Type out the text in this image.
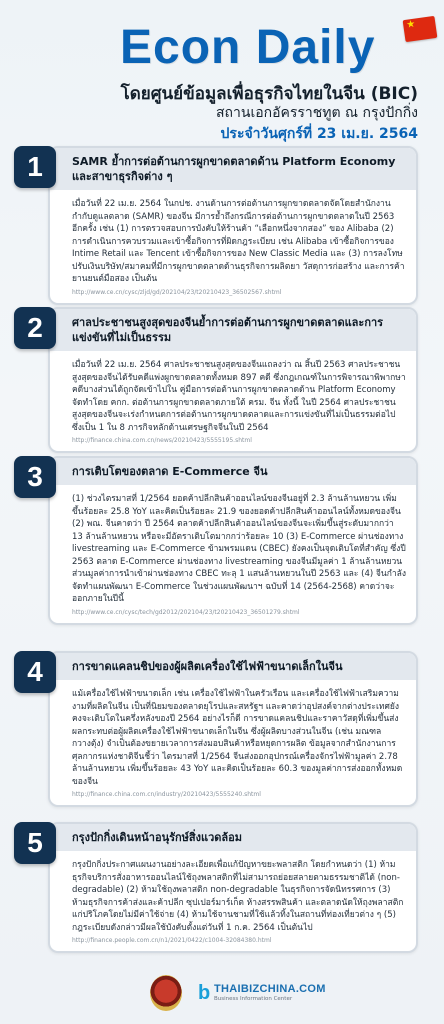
★
Econ Daily
โดยศูนย์ข้อมูลเพื่อธุรกิจไทยในจีน (BIC)
สถานเอกอัครราชทูต ณ กรุงปักกิ่ง
ประจำวันศุกร์ที่ 23 เม.ย. 2564
SAMR ย้ำการต่อต้านการผูกขาดตลาดด้าน Platform Economy และสาขาธุรกิจต่าง ๆ
เมื่อวันที่ 22 เม.ย. 2564 ในกปช. งานด้านการต่อต้านการผูกขาดตลาดจัดโดยสำนักงานกำกับดูแลตลาด (SAMR) ของจีน มีการย้ำถึงกรณีการต่อต้านการผูกขาดตลาดในปี 2563 อีกครั้ง เช่น (1) การตรวจสอบการบังคับให้ร้านค้า “เลือกหนึ่งจากสอง” ของ Alibaba (2) การดำเนินการควบรวมและเข้าซื้อกิจการที่ผิดกฎระเบียบ เช่น Alibaba เข้าซื้อกิจการของ Intime Retail และ Tencent เข้าซื้อกิจการของ New Classic Media และ (3) การลงโทษปรับเงินบริษัท/สมาคมที่มีการผูกขาดตลาดด้านธุรกิจการผลิตยา วัสดุการก่อสร้าง และการค้ายานยนต์มือสอง เป็นต้น
http://www.ce.cn/cysc/zljd/gd/202104/23/t20210423_36502567.shtml
1
ศาลประชาชนสูงสุดของจีนย้ำการต่อต้านการผูกขาดตลาดและการแข่งขันที่ไม่เป็นธรรม
เมื่อวันที่ 22 เม.ย. 2564 ศาลประชาชนสูงสุดของจีนแถลงว่า ณ สิ้นปี 2563 ศาลประชาชนสูงสุดของจีนได้รับคดีแพ่งผูกขาดตลาดทั้งหมด 897 คดี ซึ่งกฎเกณฑ์ในการพิจารณาพิพากษาคดีบางส่วนได้ถูกจัดเข้าไปใน คู่มือการต่อต้านการผูกขาดตลาดด้าน Platform Economy จัดทำโดย คกก. ต่อต้านการผูกขาดตลาดภายใต้ ครม. จีน ทั้งนี้ ในปี 2564 ศาลประชาชนสูงสุดของจีนจะเร่งกำหนดการต่อต้านการผูกขาดตลาดและการแข่งขันที่ไม่เป็นธรรมต่อไป ซึ่งเป็น 1 ใน 8 ภารกิจหลักด้านเศรษฐกิจจีนในปี 2564
http://finance.china.com.cn/news/20210423/5555195.shtml
2
การเติบโตของตลาด E-Commerce จีน
(1) ช่วงไตรมาสที่ 1/2564 ยอดค้าปลีกสินค้าออนไลน์ของจีนอยู่ที่ 2.3 ล้านล้านหยวน เพิ่มขึ้นร้อยละ 25.8 YoY และคิดเป็นร้อยละ 21.9 ของยอดค้าปลีกสินค้าออนไลน์ทั้งหมดของจีน (2) พณ. จีนคาดว่า ปี 2564 ตลาดค้าปลีกสินค้าออนไลน์ของจีนจะเพิ่มขึ้นสู่ระดับมากกว่า 13 ล้านล้านหยวน หรือจะมีอัตราเติบโตมากกว่าร้อยละ 10 (3) E-Commerce ผ่านช่องทาง livestreaming และ E-Commerce ข้ามพรมแดน (CBEC) ยังคงเป็นจุดเติบโตที่สำคัญ ซึ่งปี 2563 ตลาด E-Commerce ผ่านช่องทาง livestreaming ของจีนมีมูลค่า 1 ล้านล้านหยวน ส่วนมูลค่าการนำเข้าผ่านช่องทาง CBEC ทะลุ 1 แสนล้านหยวนในปี 2563 และ (4) จีนกำลังจัดทำแผนพัฒนา E-Commerce ในช่วงแผนพัฒนาฯ ฉบับที่ 14 (2564-2568) คาดว่าจะออกภายในปีนี้
http://www.ce.cn/cysc/tech/gd2012/202104/23/t20210423_36501279.shtml
3
การขาดแคลนชิปของผู้ผลิตเครื่องใช้ไฟฟ้าขนาดเล็กในจีน
แม้เครื่องใช้ไฟฟ้าขนาดเล็ก เช่น เครื่องใช้ไฟฟ้าในครัวเรือน และเครื่องใช้ไฟฟ้าเสริมความงามที่ผลิตในจีน เป็นที่นิยมของตลาดยุโรปและสหรัฐฯ และคาดว่าอุปสงค์จากต่างประเทศยังคงจะเติบโตในครึ่งหลังของปี 2564 อย่างไรก็ดี การขาดแคลนชิปและราคาวัสดุที่เพิ่มขึ้นส่งผลกระทบต่อผู้ผลิตเครื่องใช้ไฟฟ้าขนาดเล็กในจีน ซึ่งผู้ผลิตบางส่วนในจีน (เช่น มณฑลกวางตุ้ง) จำเป็นต้องขยายเวลาการส่งมอบสินค้าหรือหยุดการผลิต ข้อมูลจากสำนักงานการศุลกากรแห่งชาติจีนชี้ว่า ไตรมาสที่ 1/2564 จีนส่งออกอุปกรณ์เครื่องจักรไฟฟ้ามูลค่า 2.78 ล้านล้านหยวน เพิ่มขึ้นร้อยละ 43 YoY และคิดเป็นร้อยละ 60.3 ของมูลค่าการส่งออกทั้งหมดของจีน
http://finance.china.com.cn/industry/20210423/5555240.shtml
4
กรุงปักกิ่งเดินหน้าอนุรักษ์สิ่งแวดล้อม
กรุงปักกิ่งประกาศแผนงานอย่างละเอียดเพื่อแก้ปัญหาขยะพลาสติก โดยกำหนดว่า (1) ห้ามธุรกิจบริการสั่งอาหารออนไลน์ใช้ถุงพลาสติกที่ไม่สามารถย่อยสลายตามธรรมชาติได้ (non-degradable) (2) ห้ามใช้ถุงพลาสติก non-degradable ในธุรกิจการจัดนิทรรศการ (3) ห้ามธุรกิจการค้าส่งและค้าปลีก ซุปเปอร์มาร์เก็ต ห้างสรรพสินค้า และตลาดนัดให้ถุงพลาสติกแก่ปริโภคโดยไม่มีค่าใช้จ่าย (4) ห้ามใช้จานชามที่ใช้แล้วทิ้งในสถานที่ท่องเที่ยวต่าง ๆ (5) กฎระเบียบดังกล่าวมีผลใช้บังคับตั้งแต่วันที่ 1 ก.ค. 2564 เป็นต้นไป
http://finance.people.com.cn/n1/2021/0422/c1004-32084380.html
5
b THAIBIZCHINA.COM
Business Information Center
